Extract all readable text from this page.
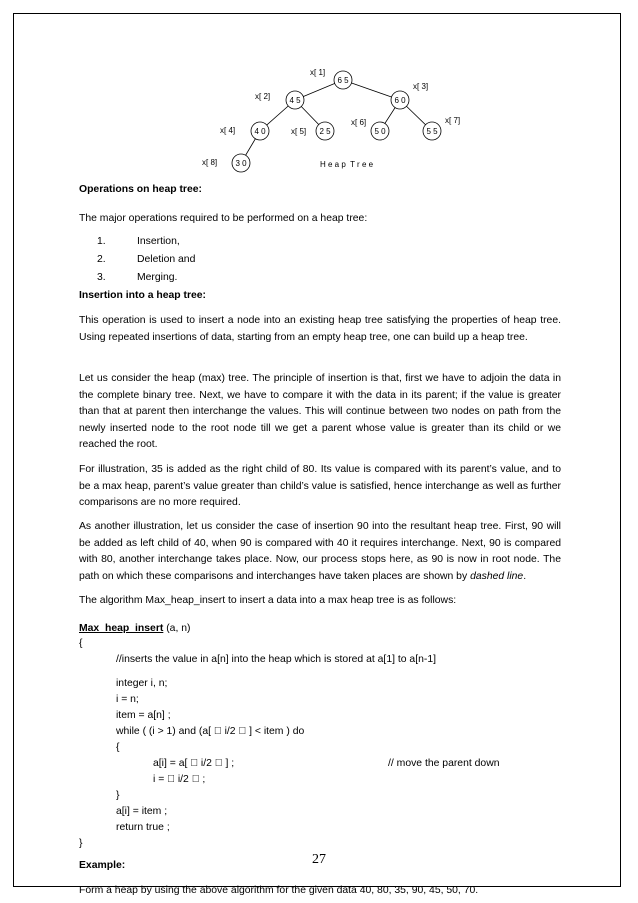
6 5
4 5	6 0
4 0	2 5	5 0	5 5
3 0
x[ 1]
x[ 2]
x[ 3]
x[ 4]	x[ 5]
x[ 6]	x[ 7]
x[ 8]	H e a p  T r e e
Operations on heap tree:
The major operations required to be performed on a heap tree:
1.	Insertion,
2.	Deletion and
3.	Merging.
Insertion into a heap tree:
This operation is used to insert a node into an existing heap tree satisfying the properties of heap tree. Using repeated insertions of data, starting from an empty heap tree, one can build up a heap tree.
Let us consider the heap (max) tree. The principle of insertion is that, first we have to adjoin the data in the complete binary tree. Next, we have to compare it with the data in its parent; if the value is greater than that at parent then interchange the values. This will continue between two nodes on path from the newly inserted node to the root node till we get a parent whose value is greater than its child or we reached the root.
For illustration, 35 is added as the right child of 80. Its value is compared with its parent’s value, and to be a max heap, parent’s value greater than child’s value is satisfied, hence interchange as well as further comparisons are no more required.
As another illustration, let us consider the case of insertion 90 into the resultant heap tree. First, 90 will be added as left child of 40, when 90 is compared with 40 it requires interchange. Next, 90 is compared with 80, another interchange takes place. Now, our process stops here, as 90 is now in root node. The path on which these comparisons and interchanges have taken places are shown by dashed line.
The algorithm Max_heap_insert to insert a data into a max heap tree is as follows:
Max_heap_insert (a, n)
{
//inserts the value in a[n] into the heap which is stored at a[1] to a[n-1]
integer i, n;
i = n;
item = a[n] ;
while ( (i > 1) and (a[ i/2 ] < item ) do
{
a[i] = a[ i/2 ] ;	// move the parent down
i = i/2 ;
}
a[i] = item ;
return true ;
}
Example:
Form a heap by using the above algorithm for the given data 40, 80, 35, 90, 45, 50, 70.
27
